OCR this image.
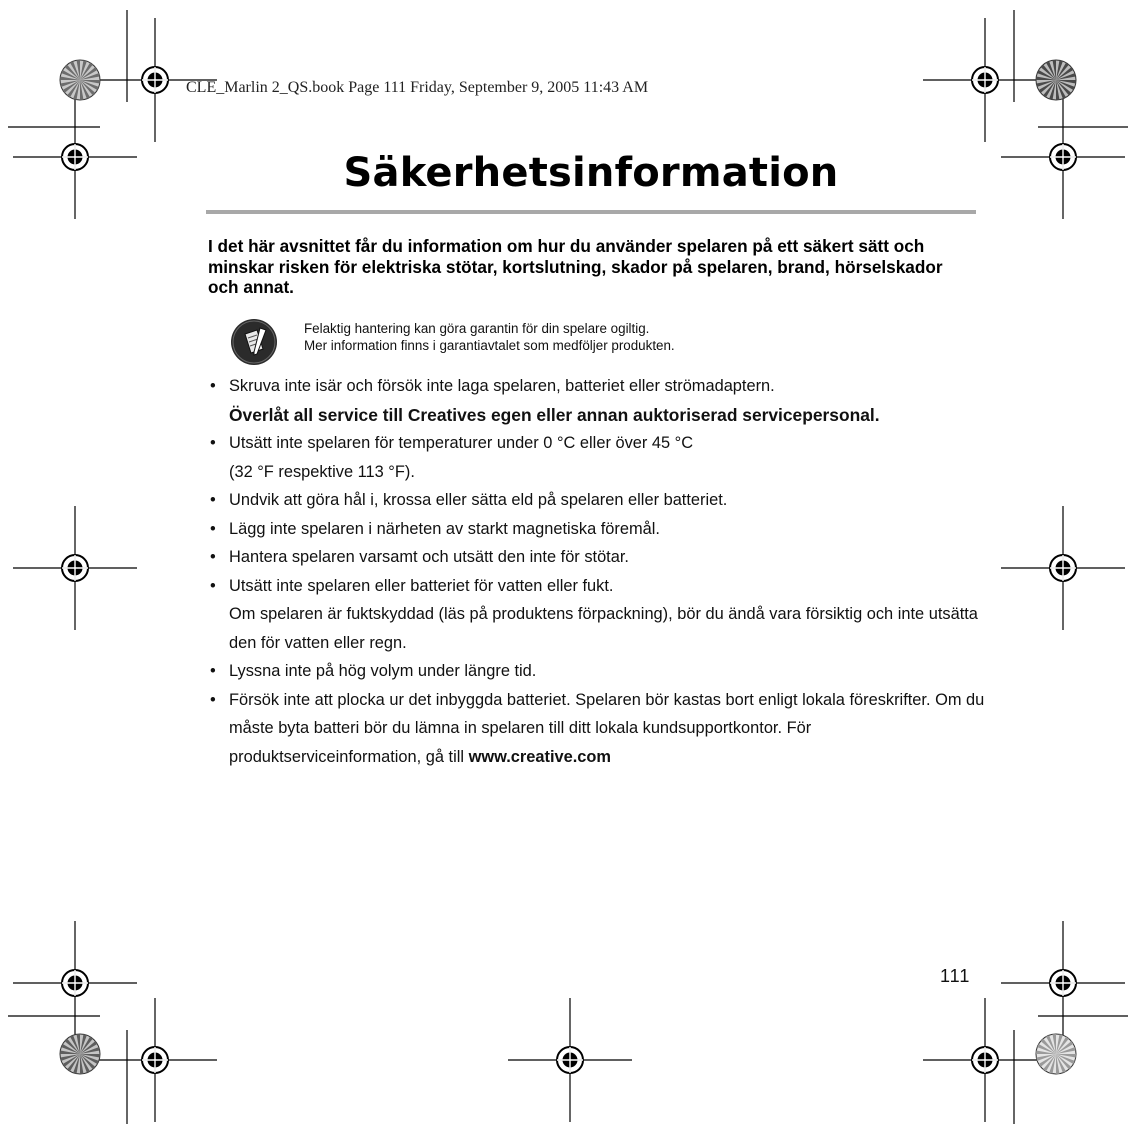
CLE_Marlin 2_QS.book Page 111 Friday, September 9, 2005 11:43 AM
Säkerhetsinformation

I det här avsnittet får du information om hur du använder spelaren på ett säkert sätt och minskar risken för elektriska stötar, kortslutning, skador på spelaren, brand, hörselskador och annat.

Felaktig hantering kan göra garantin för din spelare ogiltig.
Mer information finns i garantiavtalet som medföljer produkten.
• Skruva inte isär och försök inte laga spelaren, batteriet eller strömadaptern.
Överlåt all service till Creatives egen eller annan auktoriserad servicepersonal.
• Utsätt inte spelaren för temperaturer under 0 °C eller över 45 °C
(32 °F respektive 113 °F).
• Undvik att göra hål i, krossa eller sätta eld på spelaren eller batteriet.
• Lägg inte spelaren i närheten av starkt magnetiska föremål.
• Hantera spelaren varsamt och utsätt den inte för stötar.
• Utsätt inte spelaren eller batteriet för vatten eller fukt.
Om spelaren är fuktskyddad (läs på produktens förpackning), bör du ändå vara försiktig och inte utsätta den för vatten eller regn.
• Lyssna inte på hög volym under längre tid.
• Försök inte att plocka ur det inbyggda batteriet. Spelaren bör kastas bort enligt lokala föreskrifter. Om du måste byta batteri bör du lämna in spelaren till ditt lokala kundsupportkontor. För produktserviceinformation, gå till www.creative.com
111
